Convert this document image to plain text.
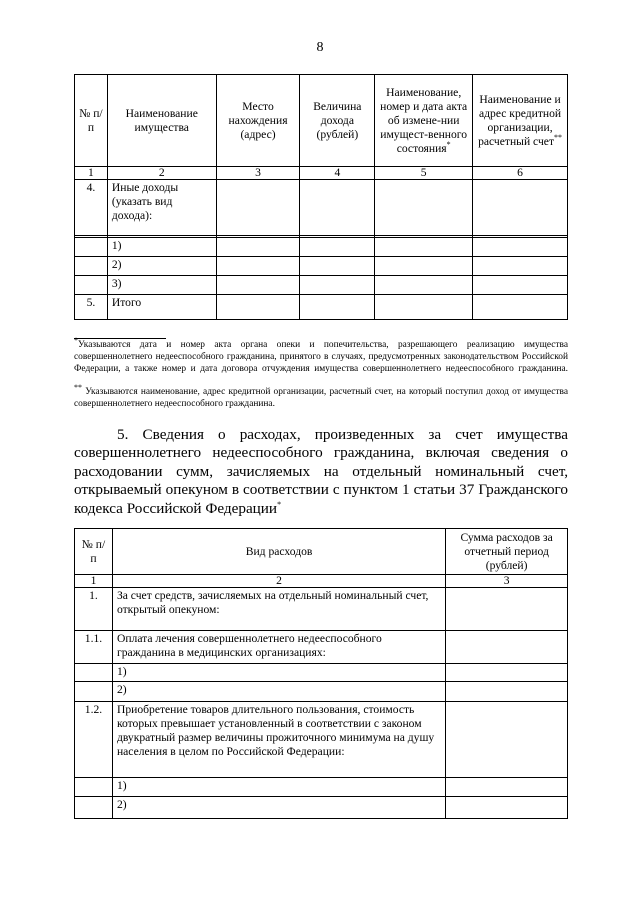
8
№ п/п	Наименование имущества	Место нахождения (адрес)	Величина дохода (рублей)	Наименование, номер и дата акта об измене-нии имущест-венного состояния*	Наименование и адрес кредитной организации, расчетный счет**
1	2	3	4	5	6
4.	Иные доходы (указать вид дохода):				

	1)				
	2)				
	3)				
5.	Итого				

*Указываются дата и номер акта органа опеки и попечительства, разрешающего реализацию имущества совершеннолетнего недееспособного гражданина, принятого в случаях, предусмотренных законодательством Российской Федерации, а также номер и дата договора отчуждения имущества совершеннолетнего недееспособного гражданина.

** Указываются наименование, адрес кредитной организации, расчетный счет, на который поступил доход от имущества совершеннолетнего недееспособного гражданина.

5. Сведения о расходах, произведенных за счет имущества совершеннолетнего недееспособного гражданина, включая сведения о расходовании сумм, зачисляемых на отдельный номинальный счет, открываемый опекуном в соответствии с пунктом 1 статьи 37 Гражданского кодекса Российской Федерации*

№ п/п	Вид расходов	Сумма расходов за отчетный период (рублей)
1	2	3
1.	За счет средств, зачисляемых на отдельный номинальный счет, открытый опекуном:	
1.1.	Оплата лечения совершеннолетнего недееспособного гражданина в медицинских организациях:	
	1)	
	2)	
1.2.	Приобретение товаров длительного пользования, стоимость которых превышает установленный в соответствии с законом двукратный размер величины прожиточного минимума на душу населения в целом по Российской Федерации:	
	1)	
	2)	
